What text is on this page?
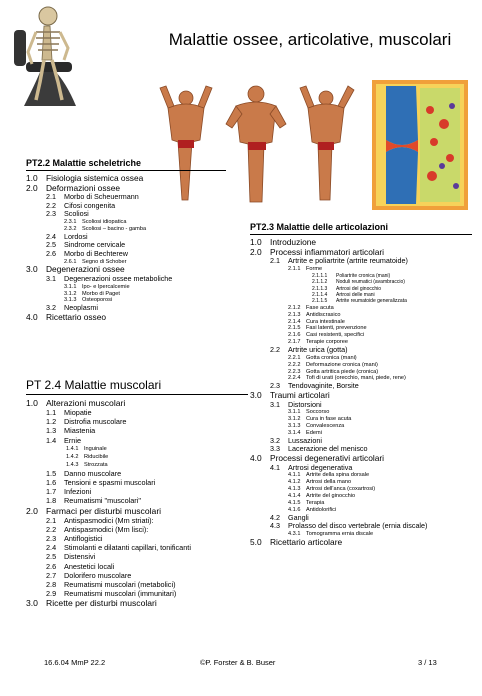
Malattie ossee, articolative, muscolari
PT2.2 Malattie scheletriche
1.0 Fisiologia sistemica ossea
2.0 Deformazioni ossee
2.1	Morbo di Scheuermann
2.2	Cifosi congenita
2.3	Scoliosi
2.3.1 Scoliosi idiopatica
2.3.2 Scoliosi – bacino - gamba
2.4	Lordosi
2.5	Sindrome cervicale
2.6	Morbo di Bechterew
2.6.1 Segno di Schober
3.0 Degenerazioni ossee
3.1	Degenerazioni ossee metaboliche
3.1.1 Ipo- e Ipercalcemie
3.1.2 Morbo di Paget
3.1.3 Osteoporosi
3.2	Neoplasmi
4.0 Ricettario osseo
PT 2.4 Malattie muscolari
1.0 Alterazioni muscolari
1.1	Miopatie
1.2	Distrofia muscolare
1.3	Miastenia
1.4	Ernie
1.4.1 Inguinale
1.4.2 Riducibile
1.4.3 Strozzata
1.5	Danno muscolare
1.6	Tensioni e spasmi muscolari
1.7	Infezioni
1.8	Reumatismi "muscolari"
2.0 Farmaci per disturbi muscolari
2.1	Antispasmodici (Mm striati):
2.2	Antispasmodici (Mm lisci):
2.3	Antiflogistici
2.4	Stimolanti e dilatanti capillari, tonificanti
2.5	Distensivi
2.6	Anestetici locali
2.7	Dolorifero muscolare
2.8	Reumatismi muscolari (metabolici)
2.9	Reumatismi muscolari (immunitari)
3.0 Ricette per disturbi muscolari
PT2.3 Malattie delle articolazioni
1.0 Introduzione
2.0 Processi infiammatori articolari
2.1	Artrite e poliartrite (artrite reumatoide)
2.1.1 Forme
2.1.1.1	Poliartrite cronica (mani)
2.1.1.2	Noduli reumatici (avambraccio)
2.1.1.3	Artrosi del ginocchio
2.1.1.4	Artrosi delle mani
2.1.1.5	Artrite reumatoide generalizzata
2.1.2 Fase acuta
2.1.3 Antidiscrasico
2.1.4 Cura intestinale
2.1.5 Fasi latenti, prevenzione
2.1.6 Casi resistenti, specifici
2.1.7 Terapie corporee
2.2	Artrite urica (gotta)
2.2.1 Gotta cronica (mani)
2.2.2 Deformazione cronica (mani)
2.2.3 Gotta artritica piede (cronica)
2.2.4 Tofi di urati (orecchio, mani, piede, rene)
2.3	Tendovaginite, Borsite
3.0 Traumi articolari
3.1	Distorsioni
3.1.1 Soccorso
3.1.2 Cura in fase acuta
3.1.3 Convalescenza
3.1.4 Edemi
3.2	Lussazioni
3.3	Lacerazione del menisco
4.0 Processi degenerativi articolari
4.1	Artrosi degenerativa
4.1.1 Artrite della spina dorsale
4.1.2 Artrosi della mano
4.1.3 Artrosi dell'anca (coxartrosi)
4.1.4 Artrite del ginocchio
4.1.5 Terapia
4.1.6 Antidolorifici
4.2	Gangli
4.3	Prolasso del disco vertebrale (ernia discale)
4.3.1 Tomogramma ernia discale
5.0 Ricettario articolare
16.6.04 MmP 22.2	©P. Forster & B. Buser	3 / 13
